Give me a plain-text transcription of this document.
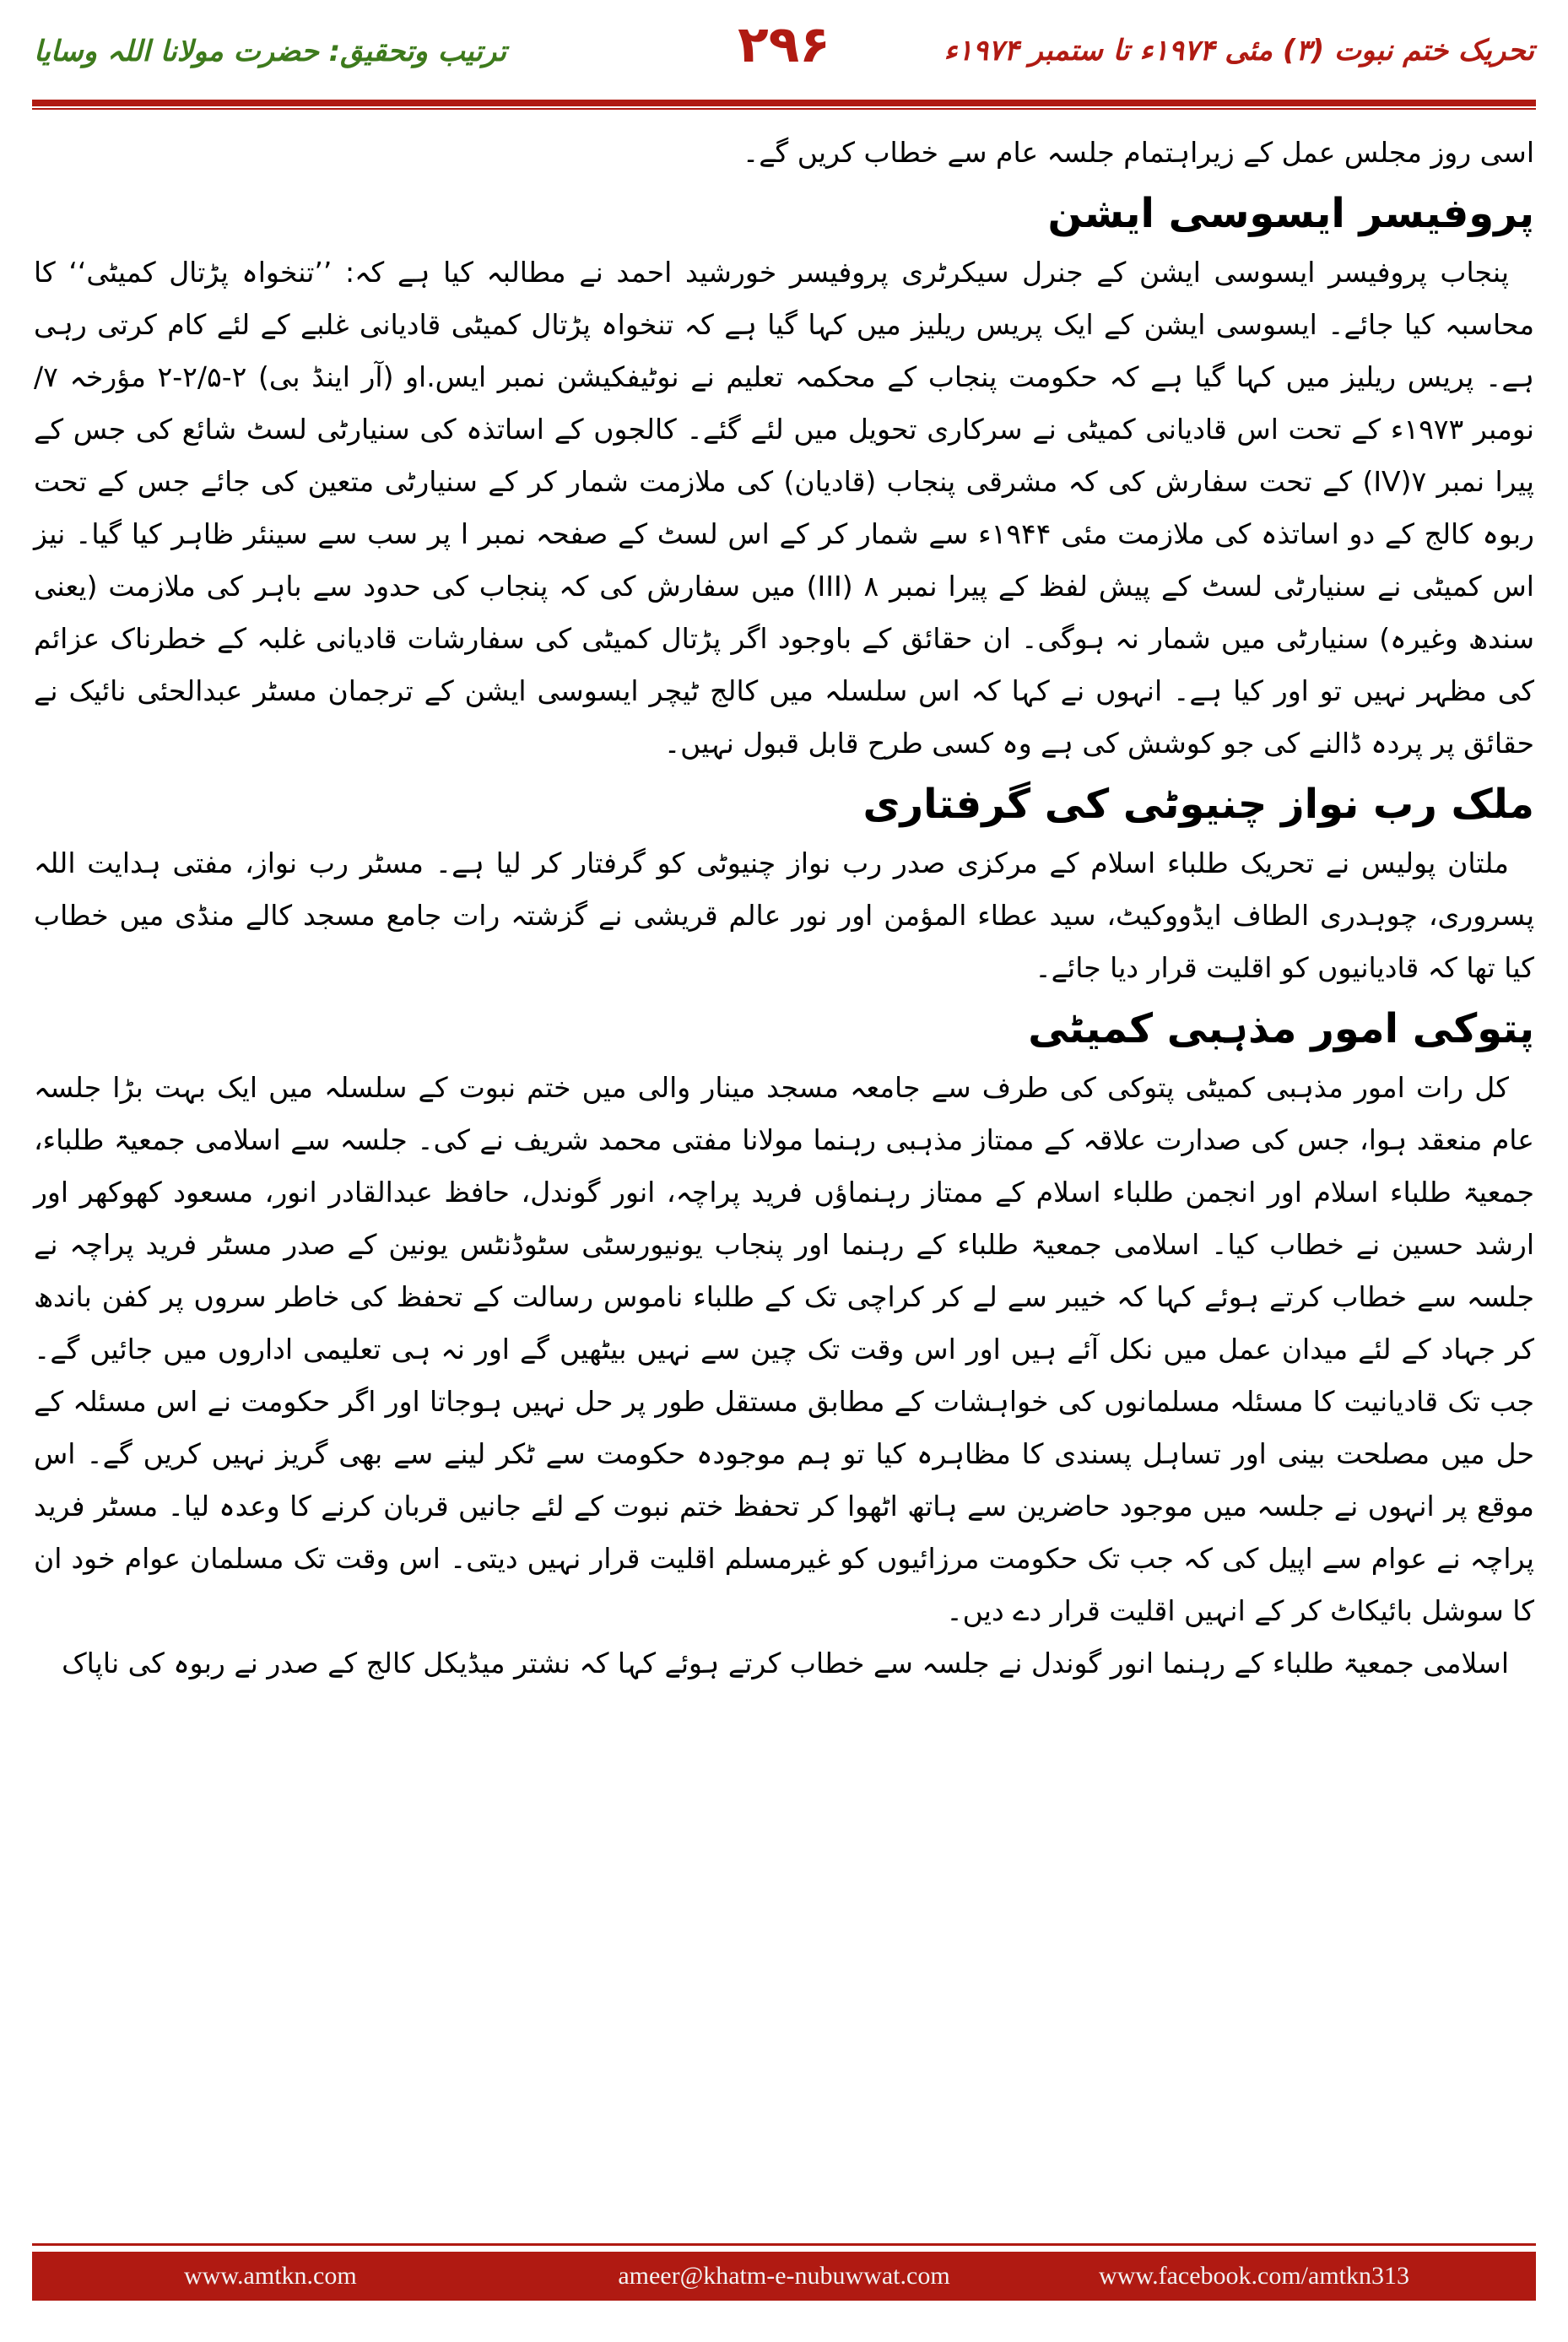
ترتیب وتحقیق: حضرت مولانا اللہ وسایا	۲۹۶	تحریک ختم نبوت (۳) مئی ۱۹۷۴ء تا ستمبر ۱۹۷۴ء

اسی روز مجلس عمل کے زیراہتمام جلسہ عام سے خطاب کریں گے۔

پروفیسر ایسوسی ایشن

پنجاب پروفیسر ایسوسی ایشن کے جنرل سیکرٹری پروفیسر خورشید احمد نے مطالبہ کیا ہے کہ: ’’تنخواہ پڑتال کمیٹی‘‘ کا محاسبہ کیا جائے۔ ایسوسی ایشن کے ایک پریس ریلیز میں کہا گیا ہے کہ تنخواہ پڑتال کمیٹی قادیانی غلبے کے لئے کام کرتی رہی ہے۔ پریس ریلیز میں کہا گیا ہے کہ حکومت پنجاب کے محکمہ تعلیم نے نوٹیفکیشن نمبر ایس.او (آر اینڈ بی) ۲-۲/۵-۲ مؤرخہ ۷/نومبر ۱۹۷۳ء کے تحت اس قادیانی کمیٹی نے سرکاری تحویل میں لئے گئے۔ کالجوں کے اساتذہ کی سنیارٹی لسٹ شائع کی جس کے پیرا نمبر ۷(IV) کے تحت سفارش کی کہ مشرقی پنجاب (قادیان) کی ملازمت شمار کر کے سنیارٹی متعین کی جائے جس کے تحت ربوہ کالج کے دو اساتذہ کی ملازمت مئی ۱۹۴۴ء سے شمار کر کے اس لسٹ کے صفحہ نمبر ا پر سب سے سینئر ظاہر کیا گیا۔ نیز اس کمیٹی نے سنیارٹی لسٹ کے پیش لفظ کے پیرا نمبر ۸ (III) میں سفارش کی کہ پنجاب کی حدود سے باہر کی ملازمت (یعنی سندھ وغیرہ) سنیارٹی میں شمار نہ ہوگی۔ ان حقائق کے باوجود اگر پڑتال کمیٹی کی سفارشات قادیانی غلبہ کے خطرناک عزائم کی مظہر نہیں تو اور کیا ہے۔ انہوں نے کہا کہ اس سلسلہ میں کالج ٹیچر ایسوسی ایشن کے ترجمان مسٹر عبدالحئی نائیک نے حقائق پر پردہ ڈالنے کی جو کوشش کی ہے وہ کسی طرح قابل قبول نہیں۔

ملک رب نواز چنیوٹی کی گرفتاری

ملتان پولیس نے تحریک طلباء اسلام کے مرکزی صدر رب نواز چنیوٹی کو گرفتار کر لیا ہے۔ مسٹر رب نواز، مفتی ہدایت اللہ پسروری، چوہدری الطاف ایڈووکیٹ، سید عطاء المؤمن اور نور عالم قریشی نے گزشتہ رات جامع مسجد کالے منڈی میں خطاب کیا تھا کہ قادیانیوں کو اقلیت قرار دیا جائے۔

پتوکی امور مذہبی کمیٹی

کل رات امور مذہبی کمیٹی پتوکی کی طرف سے جامعہ مسجد مینار والی میں ختم نبوت کے سلسلہ میں ایک بہت بڑا جلسہ عام منعقد ہوا، جس کی صدارت علاقہ کے ممتاز مذہبی رہنما مولانا مفتی محمد شریف نے کی۔ جلسہ سے اسلامی جمعیۃ طلباء، جمعیۃ طلباء اسلام اور انجمن طلباء اسلام کے ممتاز رہنماؤں فرید پراچہ، انور گوندل، حافظ عبدالقادر انور، مسعود کھوکھر اور ارشد حسین نے خطاب کیا۔ اسلامی جمعیۃ طلباء کے رہنما اور پنجاب یونیورسٹی سٹوڈنٹس یونین کے صدر مسٹر فرید پراچہ نے جلسہ سے خطاب کرتے ہوئے کہا کہ خیبر سے لے کر کراچی تک کے طلباء ناموس رسالت کے تحفظ کی خاطر سروں پر کفن باندھ کر جہاد کے لئے میدان عمل میں نکل آئے ہیں اور اس وقت تک چین سے نہیں بیٹھیں گے اور نہ ہی تعلیمی اداروں میں جائیں گے۔ جب تک قادیانیت کا مسئلہ مسلمانوں کی خواہشات کے مطابق مستقل طور پر حل نہیں ہوجاتا اور اگر حکومت نے اس مسئلہ کے حل میں مصلحت بینی اور تساہل پسندی کا مظاہرہ کیا تو ہم موجودہ حکومت سے ٹکر لینے سے بھی گریز نہیں کریں گے۔ اس موقع پر انہوں نے جلسہ میں موجود حاضرین سے ہاتھ اٹھوا کر تحفظ ختم نبوت کے لئے جانیں قربان کرنے کا وعدہ لیا۔ مسٹر فرید پراچہ نے عوام سے اپیل کی کہ جب تک حکومت مرزائیوں کو غیرمسلم اقلیت قرار نہیں دیتی۔ اس وقت تک مسلمان عوام خود ان کا سوشل بائیکاٹ کر کے انہیں اقلیت قرار دے دیں۔

اسلامی جمعیۃ طلباء کے رہنما انور گوندل نے جلسہ سے خطاب کرتے ہوئے کہا کہ نشتر میڈیکل کالج کے صدر نے ربوہ کی ناپاک

www.amtkn.com	ameer@khatm-e-nubuwwat.com	www.facebook.com/amtkn313
